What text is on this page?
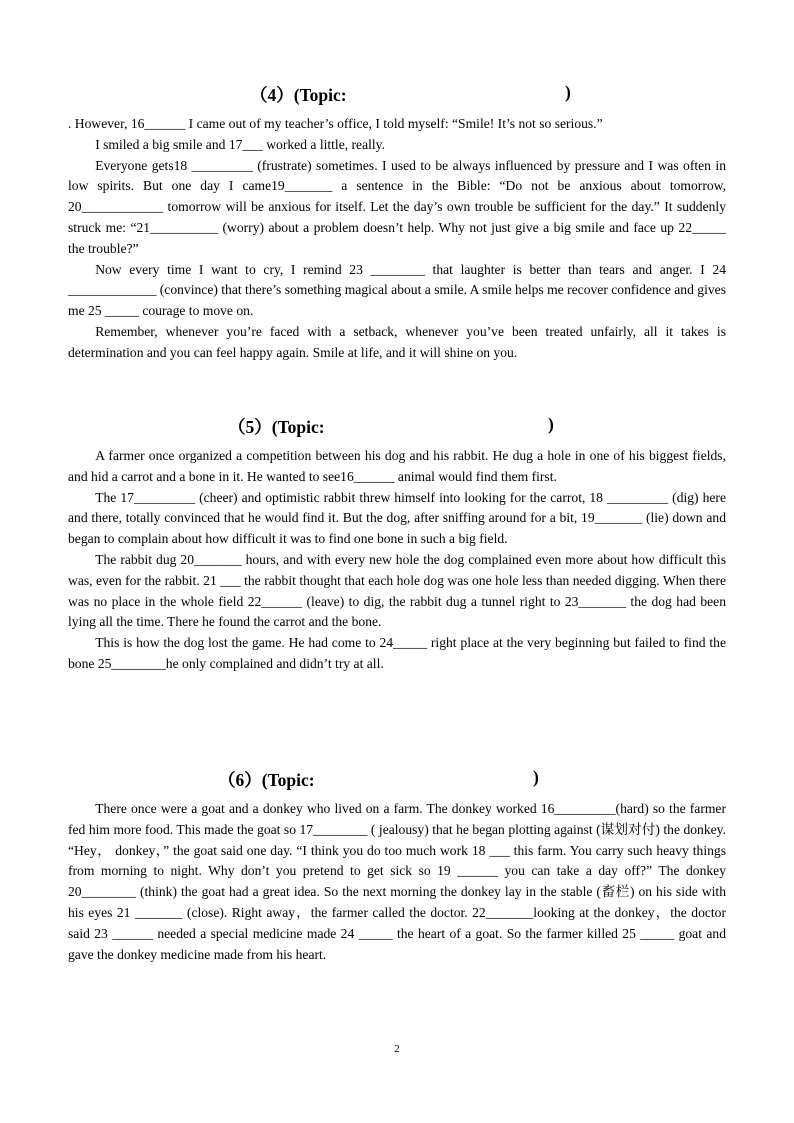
（4）(Topic:	)

. However, 16______ I came out of my teacher’s office, I told myself: “Smile! It’s not so serious.”

I smiled a big smile and 17___ worked a little, really.

Everyone gets18 _________ (frustrate) sometimes. I used to be always influenced by pressure and I was often in low spirits. But one day I came19_______ a sentence in the Bible: “Do not be anxious about tomorrow, 20____________ tomorrow will be anxious for itself. Let the day’s own trouble be sufficient for the day.” It suddenly struck me: “21__________ (worry) about a problem doesn’t help. Why not just give a big smile and face up 22_____ the trouble?”

Now every time I want to cry, I remind 23 ________ that laughter is better than tears and anger. I 24 _____________ (convince) that there’s something magical about a smile. A smile helps me recover confidence and gives me 25 _____ courage to move on.

Remember, whenever you’re faced with a setback, whenever you’ve been treated unfairly, all it takes is determination and you can feel happy again. Smile at life, and it will shine on you.

（5）(Topic:	)

A farmer once organized a competition between his dog and his rabbit. He dug a hole in one of his biggest fields, and hid a carrot and a bone in it. He wanted to see16______ animal would find them first.

The 17_________ (cheer) and optimistic rabbit threw himself into looking for the carrot, 18 _________ (dig) here and there, totally convinced that he would find it. But the dog, after sniffing around for a bit, 19_______ (lie) down and began to complain about how difficult it was to find one bone in such a big field.

The rabbit dug 20_______ hours, and with every new hole the dog complained even more about how difficult this was, even for the rabbit. 21 ___ the rabbit thought that each hole dog was one hole less than needed digging. When there was no place in the whole field 22______ (leave) to dig, the rabbit dug a tunnel right to 23_______ the dog had been lying all the time. There he found the carrot and the bone.

This is how the dog lost the game. He had come to 24_____ right place at the very beginning but failed to find the bone 25________he only complained and didn’t try at all.

（6）(Topic:	)

There once were a goat and a donkey who lived on a farm. The donkey worked 16_________(hard) so the farmer fed him more food. This made the goat so 17________ ( jealousy) that he began plotting against (谋划对付) the donkey. “Hey， donkey，” the goat said one day. “I think you do too much work 18 ___ this farm. You carry such heavy things from morning to night. Why don’t you pretend to get sick so 19 ______ you can take a day off?” The donkey 20________ (think) the goat had a great idea. So the next morning the donkey lay in the stable (畜栏) on his side with his eyes 21 _______ (close). Right away，the farmer called the doctor. 22_______looking at the donkey，the doctor said 23 ______ needed a special medicine made 24 _____ the heart of a goat. So the farmer killed 25 _____ goat and gave the donkey medicine made from his heart.

2
